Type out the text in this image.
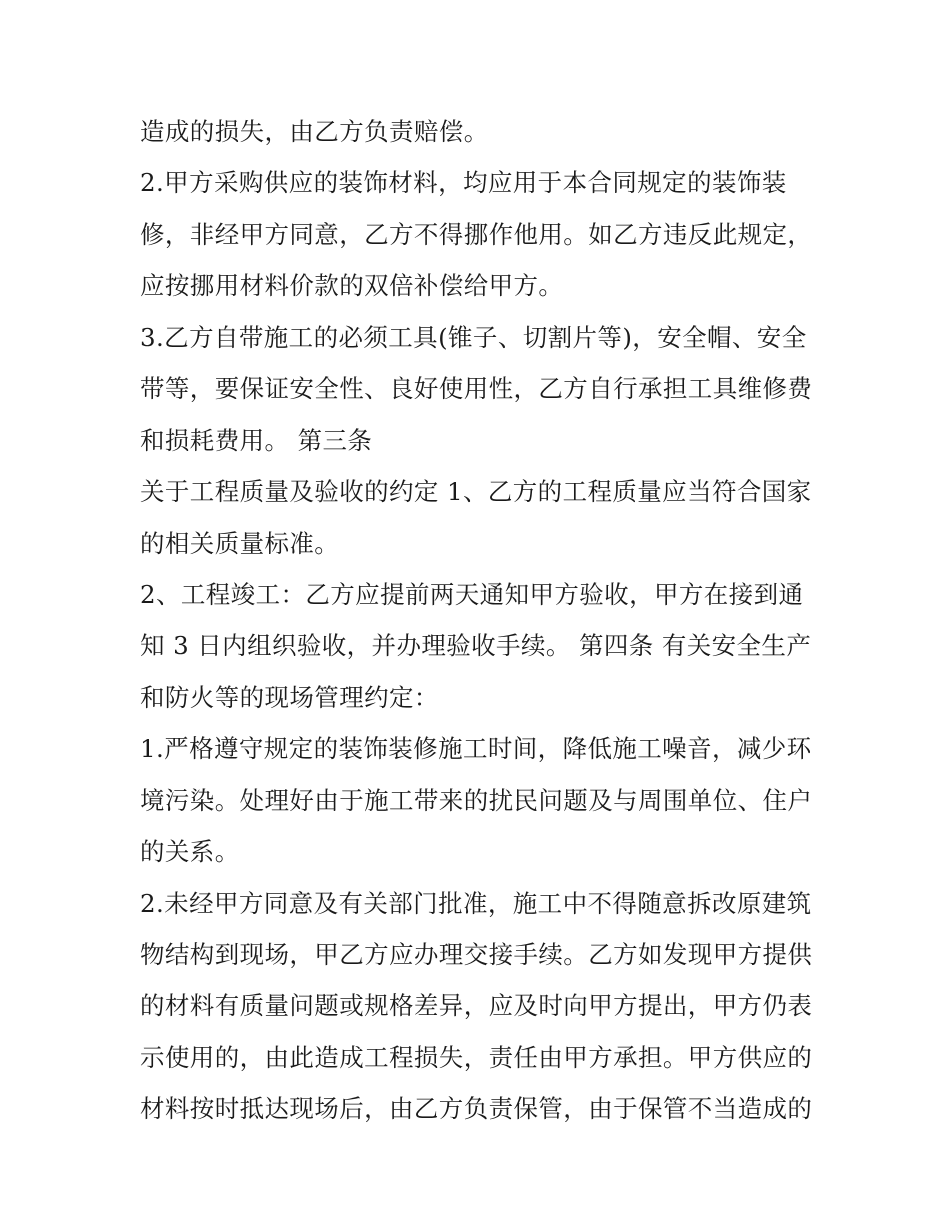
造成的损失，由乙方负责赔偿。
2.甲方采购供应的装饰材料，均应用于本合同规定的装饰装
修，非经甲方同意，乙方不得挪作他用。如乙方违反此规定，
应按挪用材料价款的双倍补偿给甲方。
3.乙方自带施工的必须工具(锥子、切割片等)，安全帽、安全
带等，要保证安全性、良好使用性，乙方自行承担工具维修费
和损耗费用。 第三条
关于工程质量及验收的约定 1、乙方的工程质量应当符合国家
的相关质量标准。
2、工程竣工：乙方应提前两天通知甲方验收，甲方在接到通
知 3 日内组织验收，并办理验收手续。 第四条 有关安全生产
和防火等的现场管理约定：
1.严格遵守规定的装饰装修施工时间，降低施工噪音，减少环
境污染。处理好由于施工带来的扰民问题及与周围单位、住户
的关系。
2.未经甲方同意及有关部门批准，施工中不得随意拆改原建筑
物结构到现场，甲乙方应办理交接手续。乙方如发现甲方提供
的材料有质量问题或规格差异，应及时向甲方提出，甲方仍表
示使用的，由此造成工程损失，责任由甲方承担。甲方供应的
材料按时抵达现场后，由乙方负责保管，由于保管不当造成的
